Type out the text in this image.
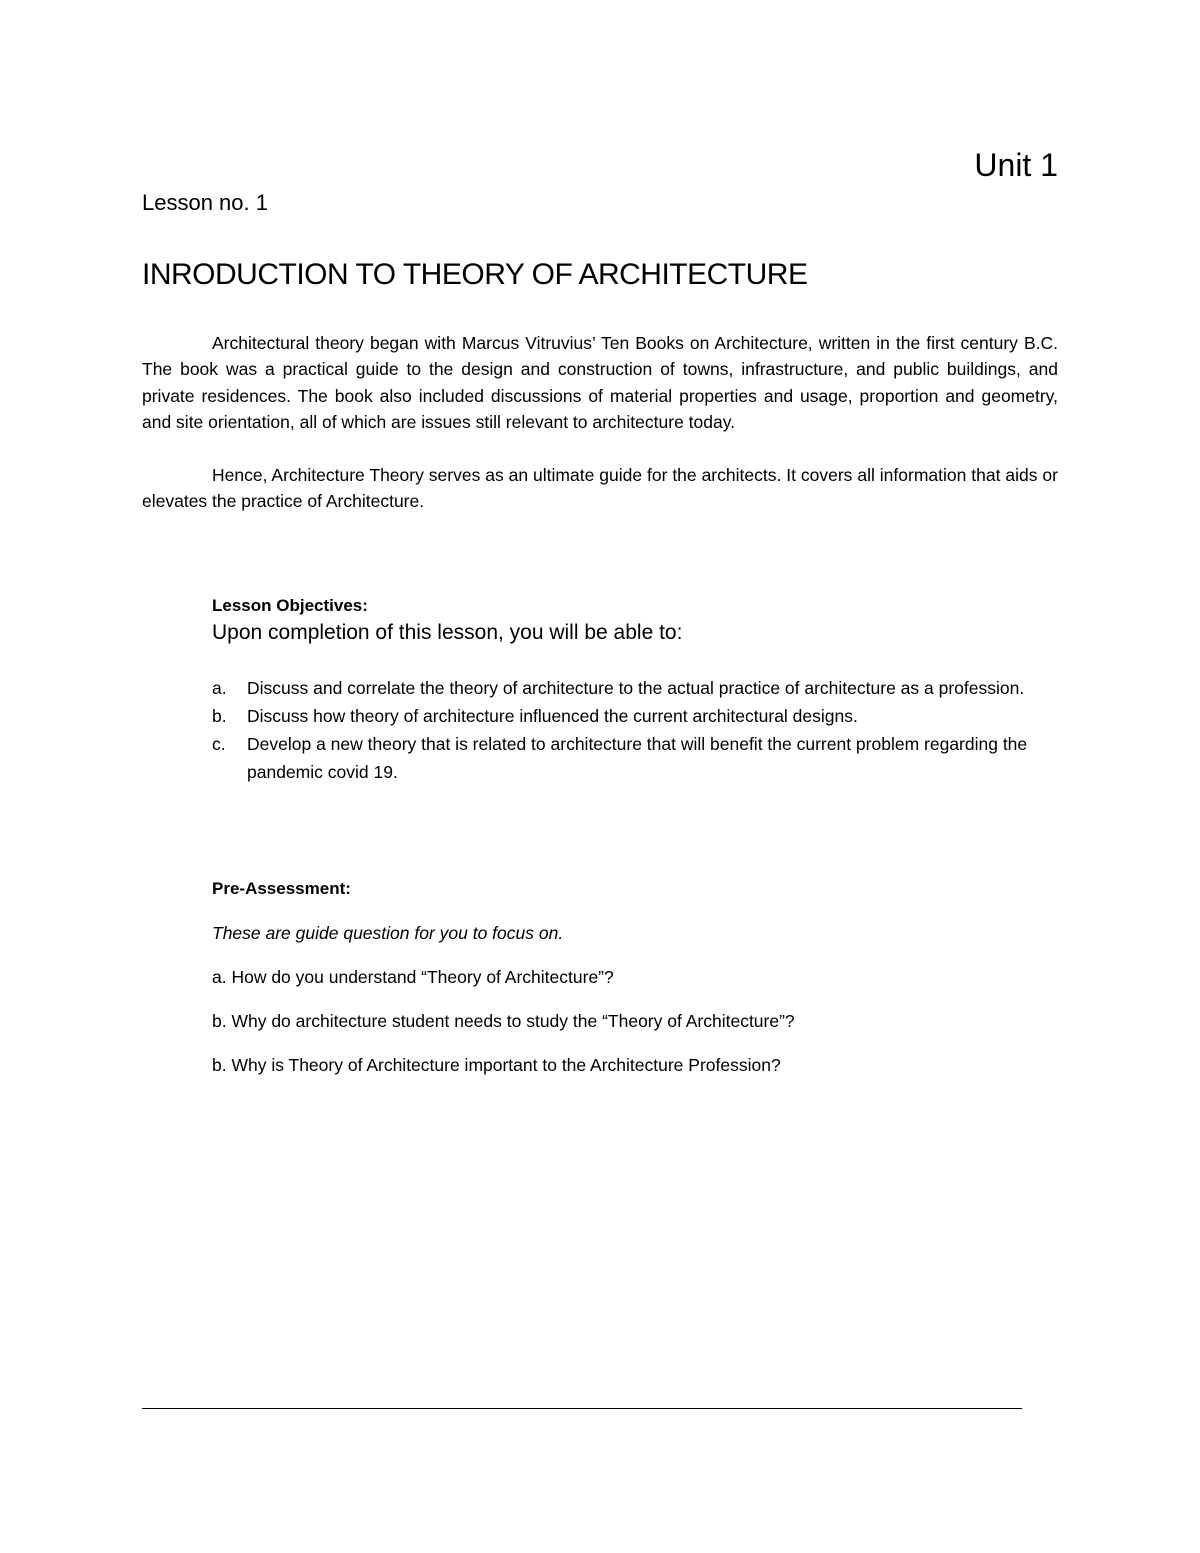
Unit 1
Lesson no. 1
INRODUCTION TO THEORY OF ARCHITECTURE

Architectural theory began with Marcus Vitruvius’ Ten Books on Architecture, written in the first century B.C. The book was a practical guide to the design and construction of towns, infrastructure, and public buildings, and private residences. The book also included discussions of material properties and usage, proportion and geometry, and site orientation, all of which are issues still relevant to architecture today.

Hence, Architecture Theory serves as an ultimate guide for the architects. It covers all information that aids or elevates the practice of Architecture.

Lesson Objectives:
Upon completion of this lesson, you will be able to:
a. Discuss and correlate the theory of architecture to the actual practice of architecture as a profession.
b. Discuss how theory of architecture influenced the current architectural designs.
c. Develop a new theory that is related to architecture that will benefit the current problem regarding the pandemic covid 19.
Pre-Assessment:
These are guide question for you to focus on.
a. How do you understand “Theory of Architecture”?
b. Why do architecture student needs to study the “Theory of Architecture”?
b. Why is Theory of Architecture important to the Architecture Profession?
